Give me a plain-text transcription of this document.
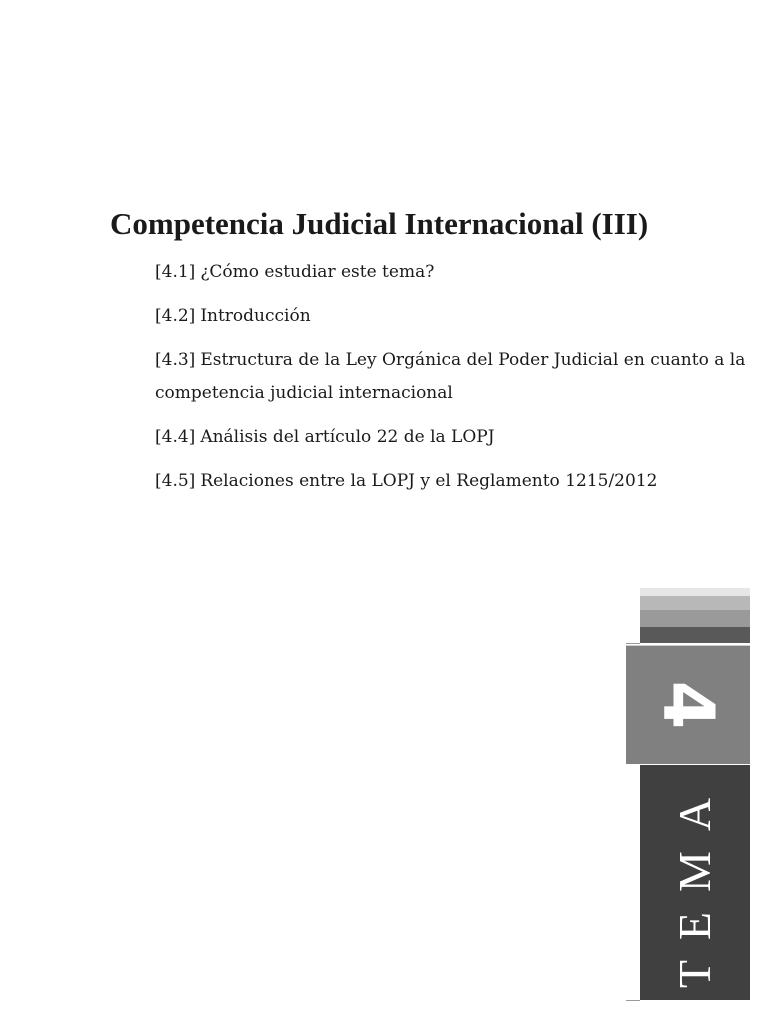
Competencia Judicial Internacional (III)
[4.1] ¿Cómo estudiar este tema?
[4.2] Introducción
[4.3] Estructura de la Ley Orgánica del Poder Judicial en cuanto a la competencia judicial internacional
[4.4] Análisis del artículo 22 de la LOPJ
[4.5] Relaciones entre la LOPJ y el Reglamento 1215/2012
4
TEMA
